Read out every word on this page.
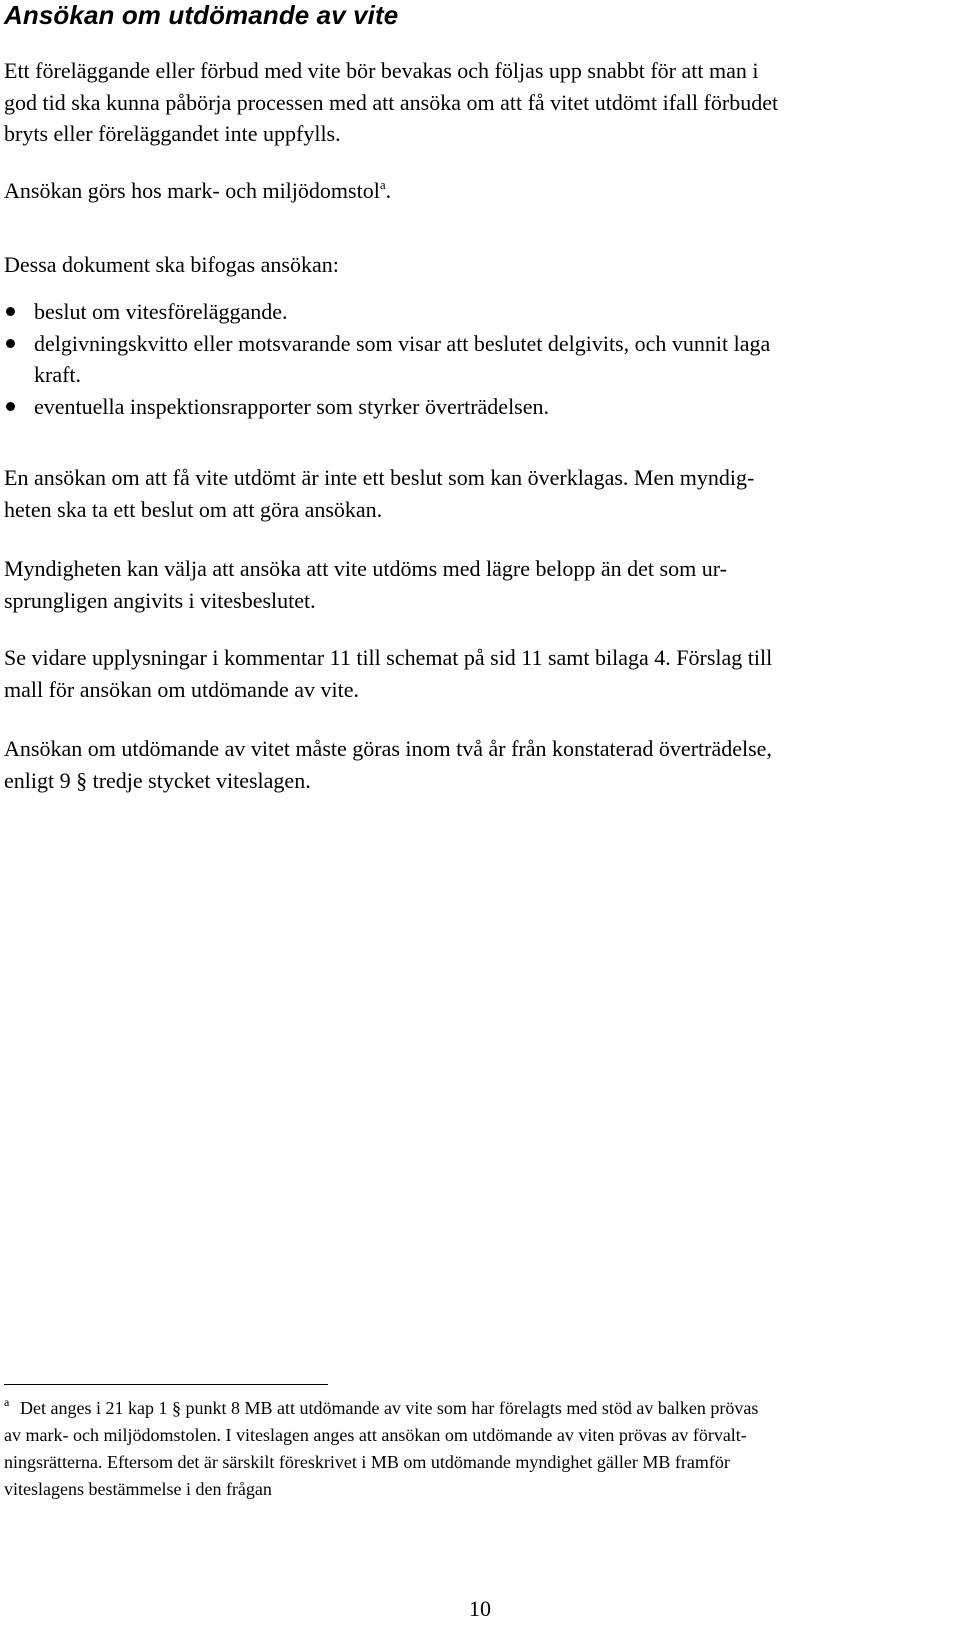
Ansökan om utdömande av vite

Ett föreläggande eller förbud med vite bör bevakas och följas upp snabbt för att man i
god tid ska kunna påbörja processen med att ansöka om att få vitet utdömt ifall förbudet
bryts eller föreläggandet inte uppfylls.

Ansökan görs hos mark- och miljödomstol$^a$.

Dessa dokument ska bifogas ansökan:

beslut om vitesföreläggande.
delgivningskvitto eller motsvarande som visar att beslutet delgivits, och vunnit laga
kraft.
eventuella inspektionsrapporter som styrker överträdelsen.

En ansökan om att få vite utdömt är inte ett beslut som kan överklagas. Men myndig-
heten ska ta ett beslut om att göra ansökan.

Myndigheten kan välja att ansöka att vite utdöms med lägre belopp än det som ur-
sprungligen angivits i vitesbeslutet.

Se vidare upplysningar i kommentar 11 till schemat på sid 11 samt bilaga 4. Förslag till
mall för ansökan om utdömande av vite.

Ansökan om utdömande av vitet måste göras inom två år från konstaterad överträdelse,
enligt 9 § tredje stycket viteslagen.

a Det anges i 21 kap 1 § punkt 8 MB att utdömande av vite som har förelagts med stöd av balken prövas
av mark- och miljödomstolen. I viteslagen anges att ansökan om utdömande av viten prövas av förvalt-
ningsrätterna. Eftersom det är särskilt föreskrivet i MB om utdömande myndighet gäller MB framför
viteslagens bestämmelse i den frågan
10
